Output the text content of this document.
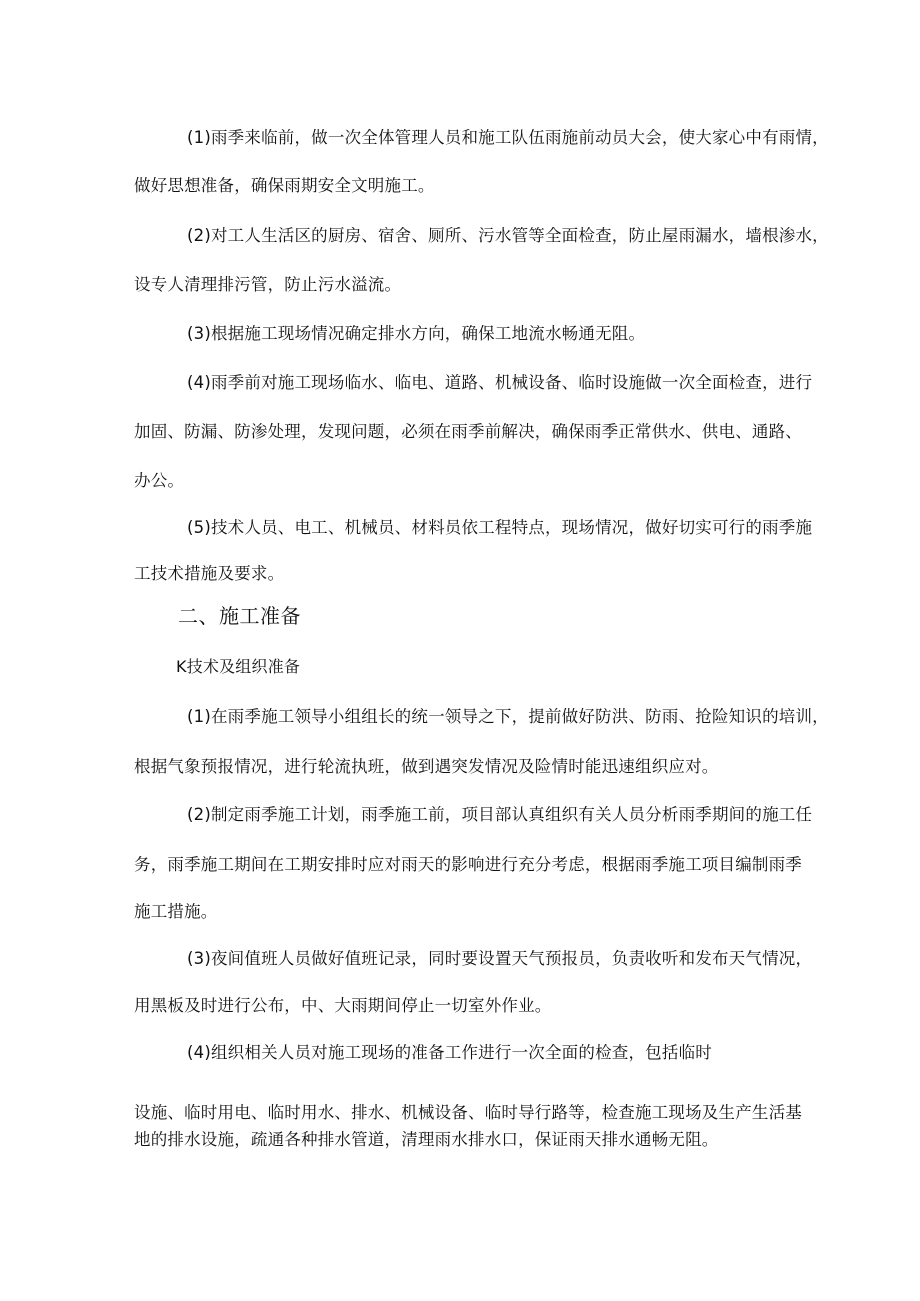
(1)雨季来临前，做一次全体管理人员和施工队伍雨施前动员大会，使大家心中有雨情，
做好思想准备，确保雨期安全文明施工。
(2)对工人生活区的厨房、宿舍、厕所、污水管等全面检查，防止屋雨漏水，墙根渗水，
设专人清理排污管，防止污水溢流。
(3)根据施工现场情况确定排水方向，确保工地流水畅通无阻。
(4)雨季前对施工现场临水、临电、道路、机械设备、临时设施做一次全面检查，进行
加固、防漏、防渗处理，发现问题，必须在雨季前解决，确保雨季正常供水、供电、通路、
办公。
(5)技术人员、电工、机械员、材料员依工程特点，现场情况，做好切实可行的雨季施
工技术措施及要求。
二、施工准备
K技术及组织准备
(1)在雨季施工领导小组组长的统一领导之下，提前做好防洪、防雨、抢险知识的培训，
根据气象预报情况，进行轮流执班，做到遇突发情况及险情时能迅速组织应对。
(2)制定雨季施工计划，雨季施工前，项目部认真组织有关人员分析雨季期间的施工任
务，雨季施工期间在工期安排时应对雨天的影响进行充分考虑，根据雨季施工项目编制雨季
施工措施。
(3)夜间值班人员做好值班记录，同时要设置天气预报员，负责收听和发布天气情况，
用黑板及时进行公布，中、大雨期间停止一切室外作业。
(4)组织相关人员对施工现场的准备工作进行一次全面的检查，包括临时
设施、临时用电、临时用水、排水、机械设备、临时导行路等，检查施工现场及生产生活基
地的排水设施，疏通各种排水管道，清理雨水排水口，保证雨天排水通畅无阻。
